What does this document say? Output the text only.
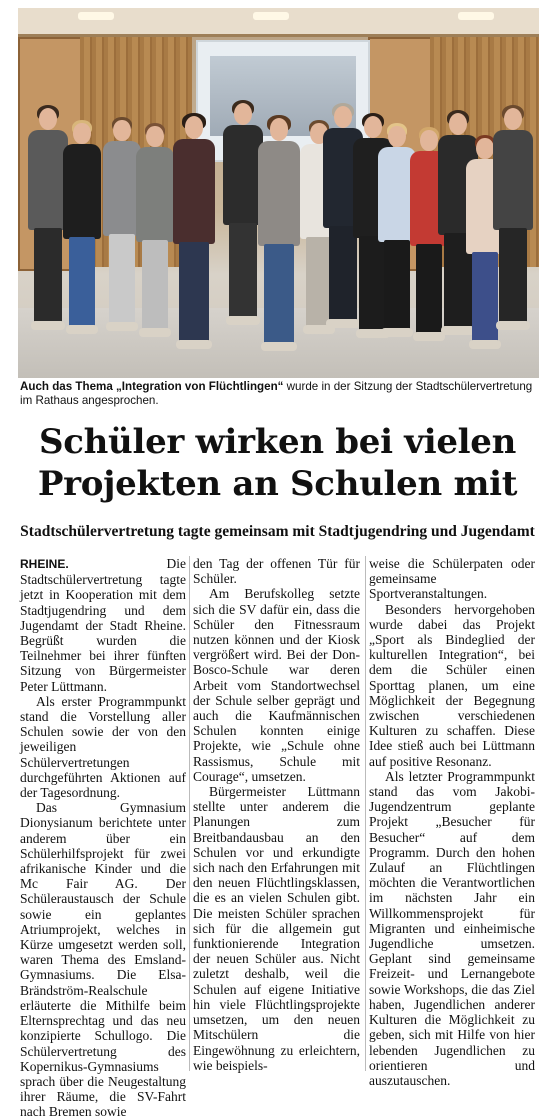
Auch das Thema „Integration von Flüchtlingen“ wurde in der Sitzung der Stadtschülervertretung im Rathaus angesprochen.
Schüler wirken bei vielen
Projekten an Schulen mit
Stadtschülervertretung tagte gemeinsam mit Stadtjugendring und Jugendamt

RHEINE.	Die Stadtschülervertretung tagte jetzt in Kooperation mit dem Stadtjugendring und dem Jugendamt der Stadt Rheine. Begrüßt wurden die Teilnehmer bei ihrer fünften Sitzung von Bürgermeister Peter Lüttmann.

Als erster Programmpunkt stand die Vorstellung aller Schulen sowie der von den jeweiligen Schülervertretungen durchgeführten Aktionen auf der Tagesordnung.

Das Gymnasium Dionysianum berichtete unter anderem über ein Schülerhilfsprojekt für zwei afrikanische Kinder und die Mc Fair AG. Der Schüleraustausch der Schule sowie ein geplantes Atriumprojekt, welches in Kürze umgesetzt werden soll, waren Thema des Emsland-Gymnasiums. Die Elsa-Brändström-Realschule erläuterte die Mithilfe beim Elternsprechtag und das neu konzipierte Schullogo. Die Schülervertretung des Kopernikus-Gymnasiums sprach über die Neugestaltung ihrer Räume, die SV-Fahrt nach Bremen sowie

den Tag der offenen Tür für Schüler.

Am Berufskolleg setzte sich die SV dafür ein, dass die Schüler den Fitnessraum nutzen können und der Kiosk vergrößert wird. Bei der Don-Bosco-Schule war deren Arbeit vom Standortwechsel der Schule selber geprägt und auch die Kaufmännischen Schulen konnten einige Projekte, wie „Schule ohne Rassismus, Schule mit Courage“, umsetzen.

Bürgermeister Lüttmann stellte unter anderem die Planungen zum Breitbandausbau an den Schulen vor und erkundigte sich nach den Erfahrungen mit den neuen Flüchtlingsklassen, die es an vielen Schulen gibt. Die meisten Schüler sprachen sich für die allgemein gut funktionierende Integration der neuen Schüler aus. Nicht zuletzt deshalb, weil die Schulen auf eigene Initiative hin viele Flüchtlingsprojekte umsetzen, um den neuen Mitschülern die Eingewöhnung zu erleichtern, wie beispiels-

weise die Schülerpaten oder gemeinsame Sportveranstaltungen.

Besonders hervorgehoben wurde dabei das Projekt „Sport als Bindeglied der kulturellen Integration“, bei dem die Schüler einen Sporttag planen, um eine Möglichkeit der Begegnung zwischen verschiedenen Kulturen zu schaffen. Diese Idee stieß auch bei Lüttmann auf positive Resonanz.

Als letzter Programmpunkt stand das vom Jakobi-Jugendzentrum geplante Projekt „Besucher für Besucher“ auf dem Programm. Durch den hohen Zulauf an Flüchtlingen möchten die Verantwortlichen im nächsten Jahr ein Willkommensprojekt für Migranten und einheimische Jugendliche umsetzen. Geplant sind gemeinsame Freizeit- und Lernangebote sowie Workshops, die das Ziel haben, Jugendlichen anderer Kulturen die Möglichkeit zu geben, sich mit Hilfe von hier lebenden Jugendlichen zu orientieren und auszutauschen.
